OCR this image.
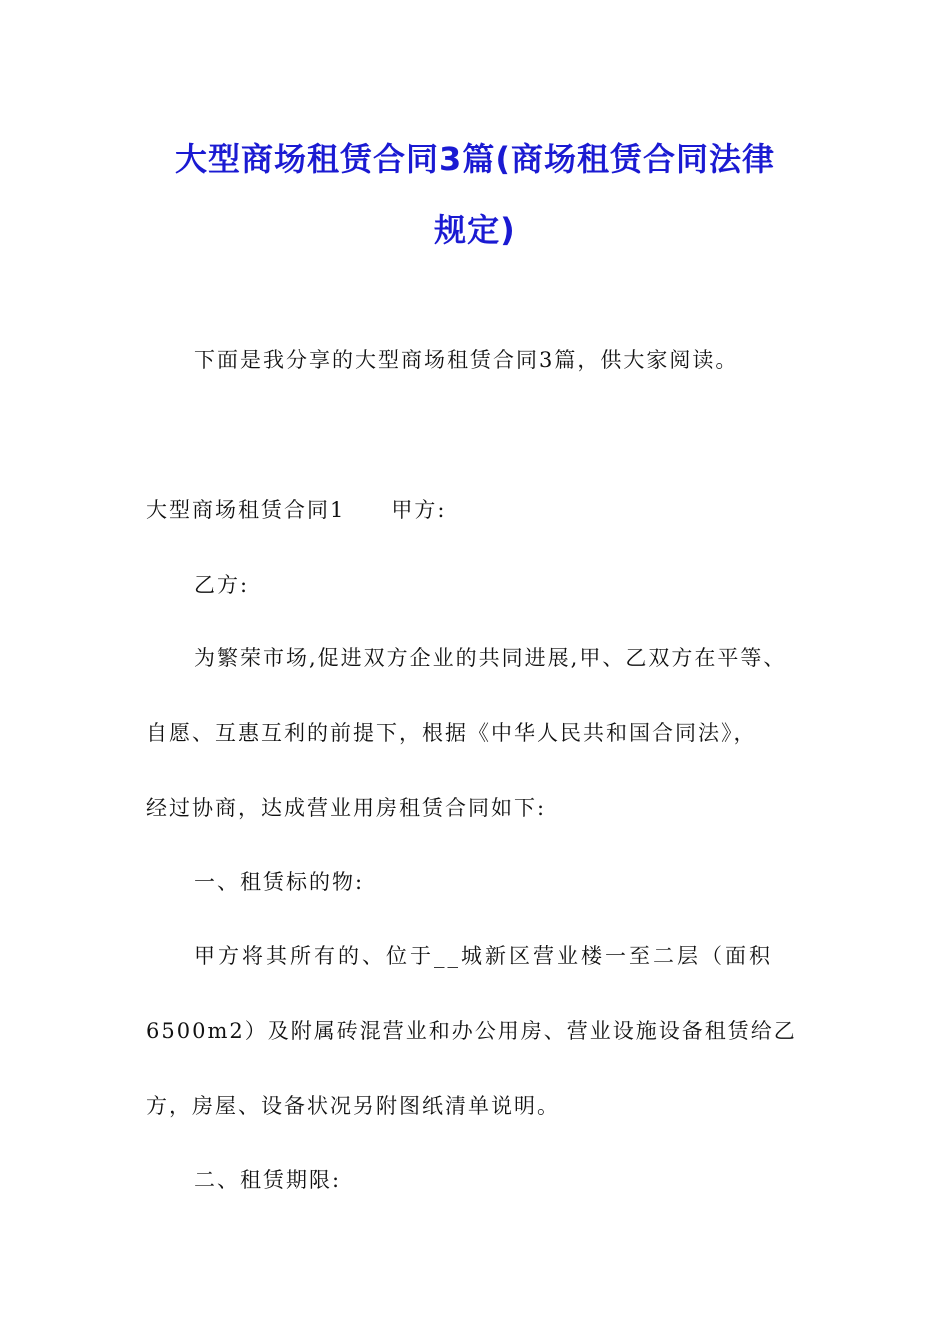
大型商场租赁合同3篇(商场租赁合同法律
规定)
下面是我分享的大型商场租赁合同3篇，供大家阅读。
大型商场租赁合同1 甲方:
乙方:
为繁荣市场,促进双方企业的共同进展,甲、乙双方在平等、
自愿、互惠互利的前提下，根据《中华人民共和国合同法》，
经过协商，达成营业用房租赁合同如下:
一、租赁标的物:
甲方将其所有的、位于__城新区营业楼一至二层（面积
6500m2）及附属砖混营业和办公用房、营业设施设备租赁给乙
方，房屋、设备状况另附图纸清单说明。
二、租赁期限:
